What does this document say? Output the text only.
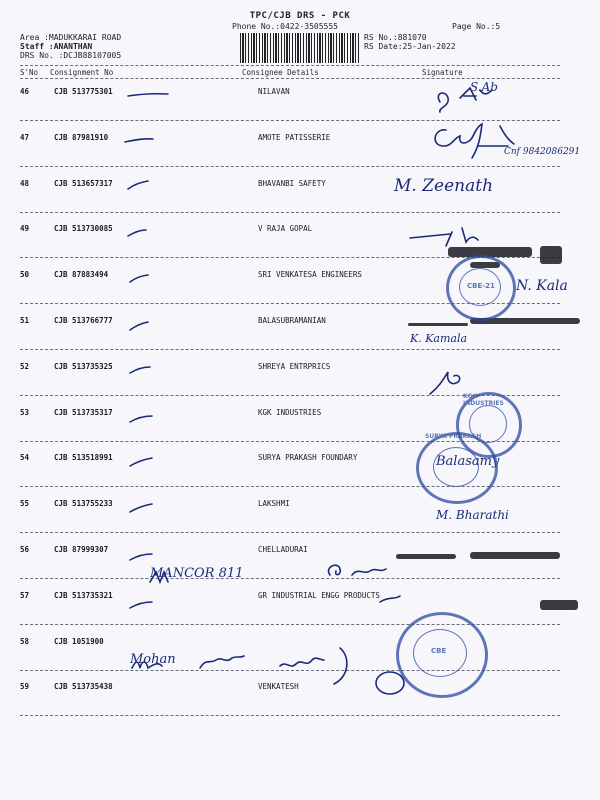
TPC/CJB DRS - PCK
Phone No.:0422-3505555	Page No.:5
Area :MADUKKARAI ROAD
Staff :ANANTHAN
DRS No. :DCJB88107005
RS No.:881070
RS Date:25-Jan-2022
S'No Consignment No	Consignee Details	Signature
46	CJB 513775301	NILAVAN	S.Ab
47	CJB 87981910	AMOTE PATISSERIE
Cnf 9842086291
48	CJB 513657317	BHAVANBI SAFETY	M. Zeenath
49	CJB 513730085	V RAJA GOPAL
50	CJB 87883494	SRI VENKATESA ENGINEERS
N. Kala
51	CJB 513766777	BALASUBRAMANIAN
K. Kamala
52	CJB 513735325	SHREYA ENTRPRICS
53	CJB 513735317	KGK INDUSTRIES
54	CJB 513518991	SURYA PRAKASH FOUNDARY	Balasamy
55	CJB 513755233	LAKSHMI
M. Bharathi
56	CJB 87999307	CHELLADURAI
MANCOR 811
57	CJB 513735321	GR INDUSTRIAL ENGG PRODUCTS
58	CJB 1051900
Mohan
59	CJB 513735438	VENKATESH
CBE-21
KGK INDUSTRIES
SURYA PRAKASH
CBE
